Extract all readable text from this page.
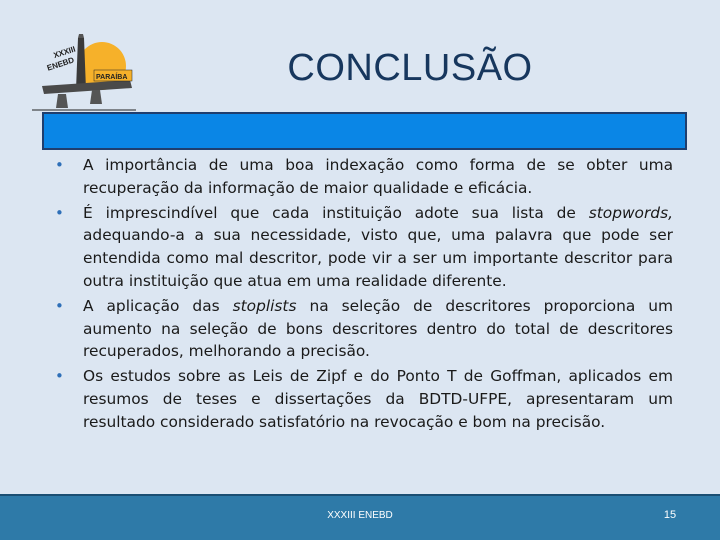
XXXIII
ENEBD
PARAÍBA	CONCLUSÃO
• A importância de uma boa indexação como forma de se obter uma recuperação da informação de maior qualidade e eficácia.
• É imprescindível que cada instituição adote sua lista de stopwords, adequando-a a sua necessidade, visto que, uma palavra que pode ser entendida como mal descritor, pode vir a ser um importante descritor para outra instituição que atua em uma realidade diferente.
• A aplicação das stoplists na seleção de descritores proporciona um aumento na seleção de bons descritores dentro do total de descritores recuperados, melhorando a precisão.
• Os estudos sobre as Leis de Zipf e do Ponto T de Goffman, aplicados em resumos de teses e dissertações da BDTD-UFPE, apresentaram um resultado considerado satisfatório na revocação e bom na precisão.
XXXIII ENEBD	15
